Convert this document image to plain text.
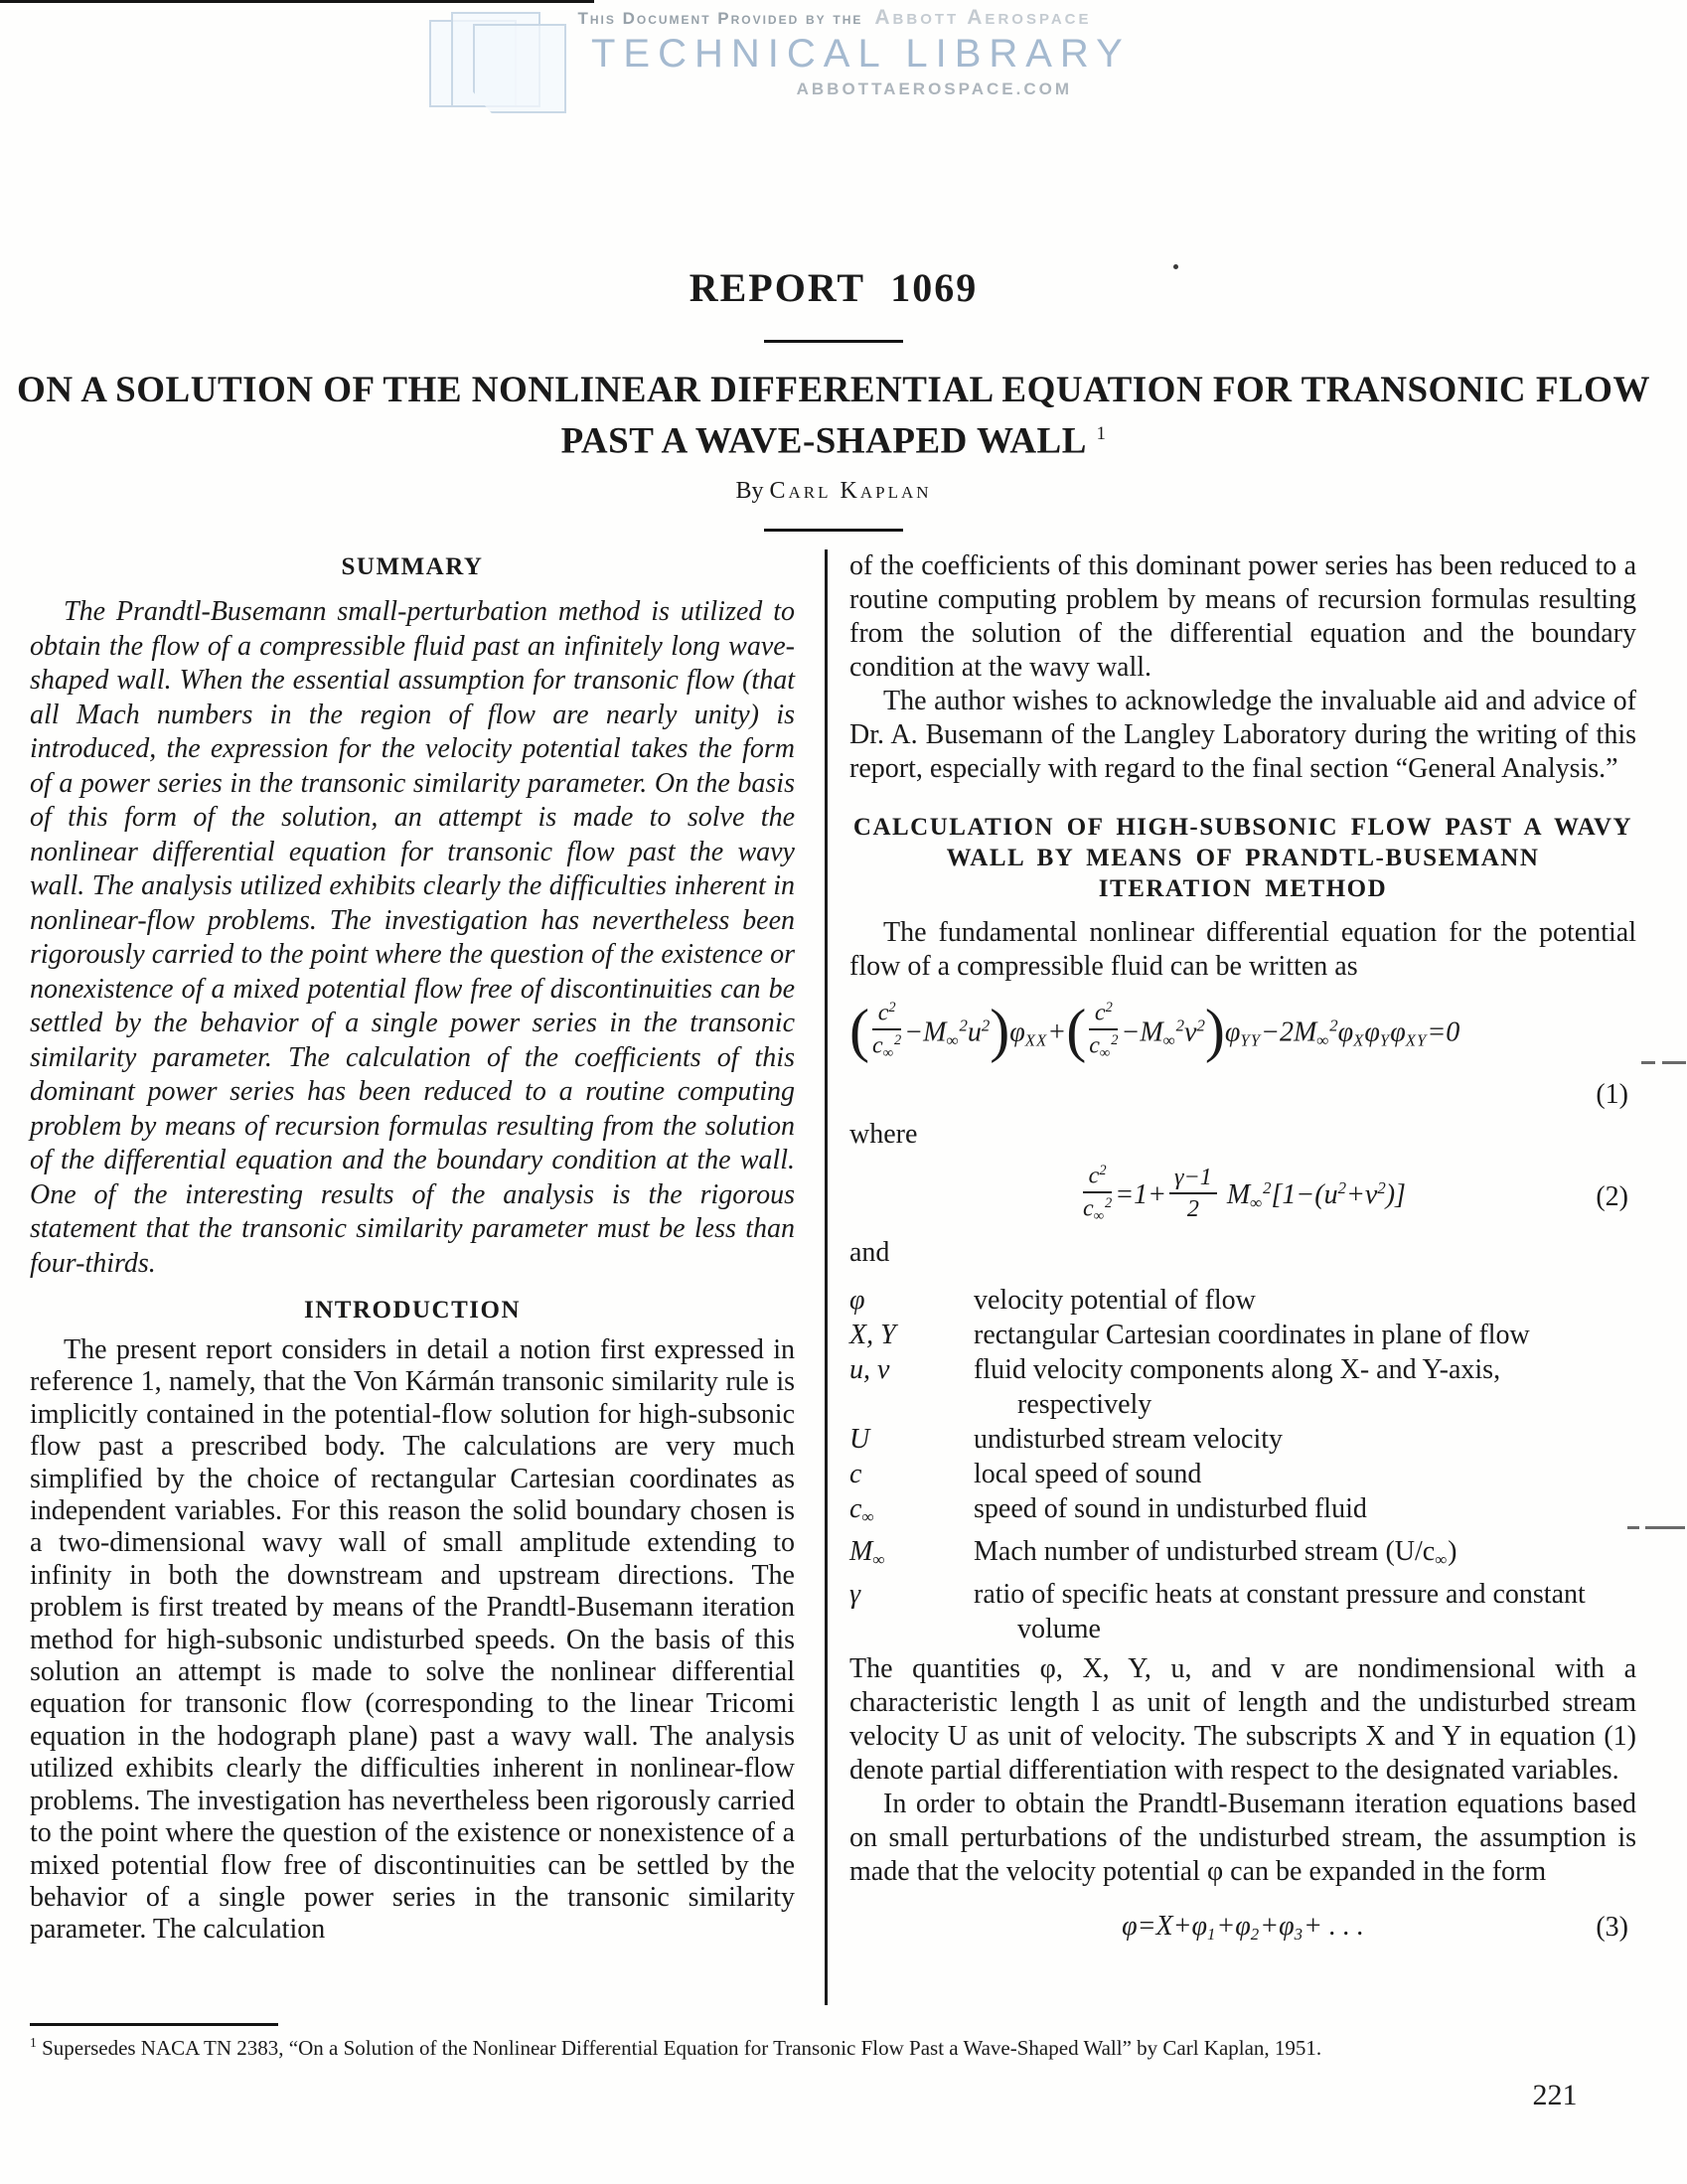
This Document Provided by the Abbott Aerospace
TECHNICAL LIBRARY
ABBOTTAEROSPACE.COM
REPORT 1069
ON A SOLUTION OF THE NONLINEAR DIFFERENTIAL EQUATION FOR TRANSONIC FLOW
PAST A WAVE-SHAPED WALL $^1$
By Carl Kaplan
SUMMARY
The Prandtl-Busemann small-perturbation method is utilized to obtain the flow of a compressible fluid past an infinitely long wave-shaped wall. When the essential assumption for transonic flow (that all Mach numbers in the region of flow are nearly unity) is introduced, the expression for the velocity potential takes the form of a power series in the transonic similarity parameter. On the basis of this form of the solution, an attempt is made to solve the nonlinear differential equation for transonic flow past the wavy wall. The analysis utilized exhibits clearly the difficulties inherent in nonlinear-flow problems. The investigation has nevertheless been rigorously carried to the point where the question of the existence or nonexistence of a mixed potential flow free of discontinuities can be settled by the behavior of a single power series in the transonic similarity parameter. The calculation of the coefficients of this dominant power series has been reduced to a routine computing problem by means of recursion formulas resulting from the solution of the differential equation and the boundary condition at the wall. One of the interesting results of the analysis is the rigorous statement that the transonic similarity parameter must be less than four-thirds.
INTRODUCTION
The present report considers in detail a notion first expressed in reference 1, namely, that the Von Kármán transonic similarity rule is implicitly contained in the potential-flow solution for high-subsonic flow past a prescribed body. The calculations are very much simplified by the choice of rectangular Cartesian coordinates as independent variables. For this reason the solid boundary chosen is a two-dimensional wavy wall of small amplitude extending to infinity in both the downstream and upstream directions. The problem is first treated by means of the Prandtl-Busemann iteration method for high-subsonic undisturbed speeds. On the basis of this solution an attempt is made to solve the nonlinear differential equation for transonic flow (corresponding to the linear Tricomi equation in the hodograph plane) past a wavy wall. The analysis utilized exhibits clearly the difficulties inherent in nonlinear-flow problems. The investigation has nevertheless been rigorously carried to the point where the question of the existence or nonexistence of a mixed potential flow free of discontinuities can be settled by the behavior of a single power series in the transonic similarity parameter. The calculation
of the coefficients of this dominant power series has been reduced to a routine computing problem by means of recursion formulas resulting from the solution of the differential equation and the boundary condition at the wavy wall.
The author wishes to acknowledge the invaluable aid and advice of Dr. A. Busemann of the Langley Laboratory during the writing of this report, especially with regard to the final section “General Analysis.”
CALCULATION OF HIGH-SUBSONIC FLOW PAST A WAVY
WALL BY MEANS OF PRANDTL-BUSEMANN
ITERATION METHOD
The fundamental nonlinear differential equation for the potential flow of a compressible fluid can be written as
( $\frac{c^2}{c_\infty^2} -M_\infty^2u^2)\varphi_{XX}+( \frac{c^2}{c_\infty^2} -M_\infty^2v^2)\varphi_{YY}-2M_\infty^2\varphi_X\varphi_Y\varphi_{XY}=0$
(1)
where
$\frac{c^2}{c_\infty^2} =1+ \frac{\gamma-1}{2} M_\infty^2[1-(u^2+v^2)]$	(2)
and
φ	velocity potential of flow
X, Y	rectangular Cartesian coordinates in plane of flow
u, v	fluid velocity components along X- and Y-axis, respectively
U	undisturbed stream velocity
c	local speed of sound
$c_\infty$	speed of sound in undisturbed fluid
$M_\infty$	Mach number of undisturbed stream $(U/c_\infty)$
γ	ratio of specific heats at constant pressure and constant volume
The quantities φ, X, Y, u, and v are nondimensional with a characteristic length l as unit of length and the undisturbed stream velocity U as unit of velocity. The subscripts X and Y in equation (1) denote partial differentiation with respect to the designated variables.
In order to obtain the Prandtl-Busemann iteration equations based on small perturbations of the undisturbed stream, the assumption is made that the velocity potential φ can be expanded in the form
$\varphi=X+\varphi_1+\varphi_2+\varphi_3+$ . . .	(3)
$^1$ Supersedes NACA TN 2383, “On a Solution of the Nonlinear Differential Equation for Transonic Flow Past a Wave-Shaped Wall” by Carl Kaplan, 1951.
221
